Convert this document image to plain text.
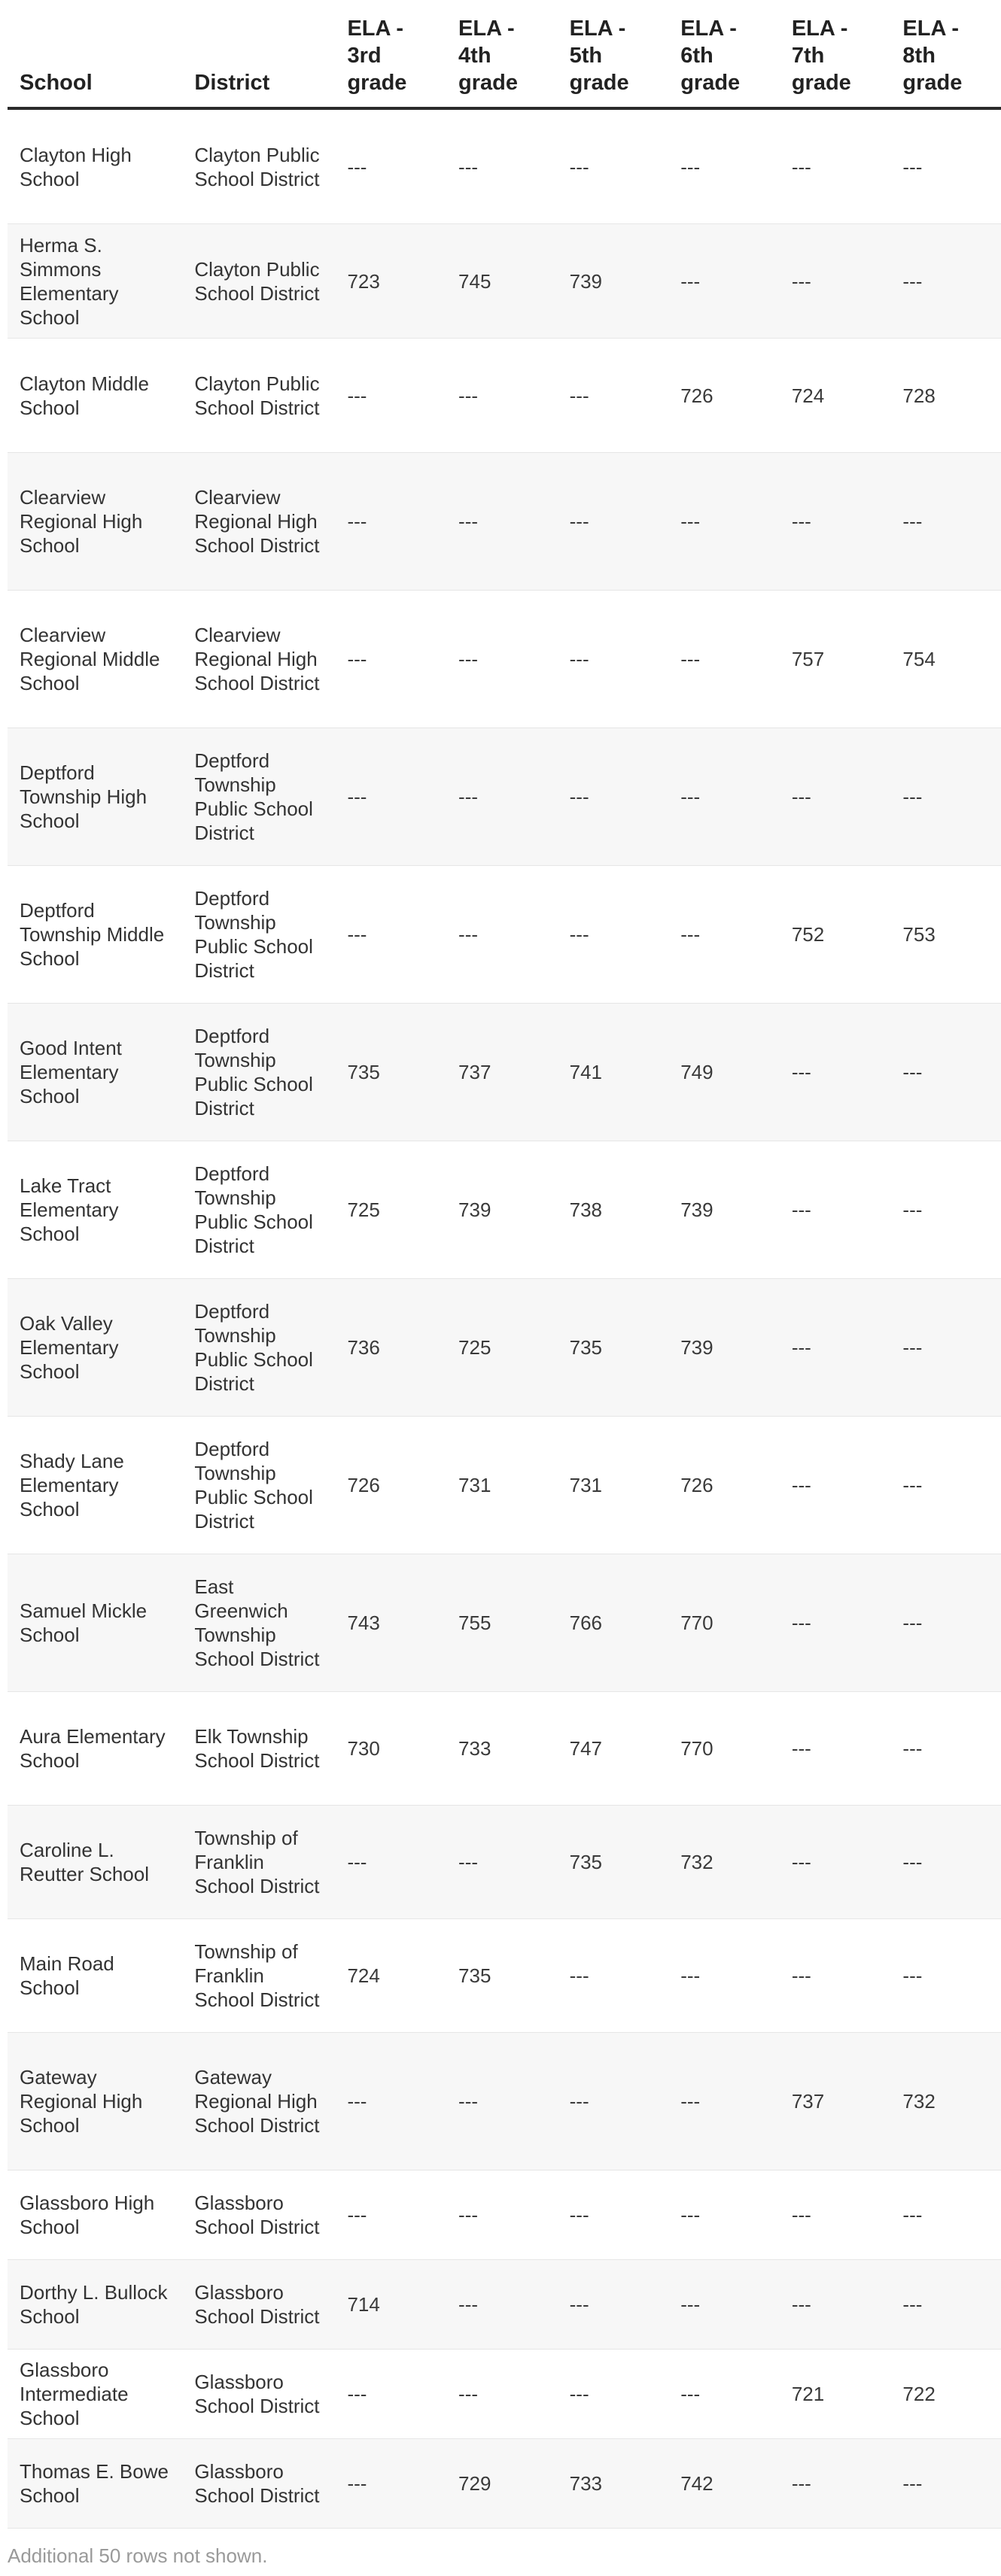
School	District	ELA - 3rd grade	ELA - 4th grade	ELA - 5th grade	ELA - 6th grade	ELA - 7th grade	ELA - 8th grade
Clayton High School	Clayton Public School District	---	---	---	---	---	---
Herma S. Simmons Elementary School	Clayton Public School District	723	745	739	---	---	---
Clayton Middle School	Clayton Public School District	---	---	---	726	724	728
Clearview Regional High School	Clearview Regional High School District	---	---	---	---	---	---
Clearview Regional Middle School	Clearview Regional High School District	---	---	---	---	757	754
Deptford Township High School	Deptford Township Public School District	---	---	---	---	---	---
Deptford Township Middle School	Deptford Township Public School District	---	---	---	---	752	753
Good Intent Elementary School	Deptford Township Public School District	735	737	741	749	---	---
Lake Tract Elementary School	Deptford Township Public School District	725	739	738	739	---	---
Oak Valley Elementary School	Deptford Township Public School District	736	725	735	739	---	---
Shady Lane Elementary School	Deptford Township Public School District	726	731	731	726	---	---
Samuel Mickle School	East Greenwich Township School District	743	755	766	770	---	---
Aura Elementary School	Elk Township School District	730	733	747	770	---	---
Caroline L. Reutter School	Township of Franklin School District	---	---	735	732	---	---
Main Road School	Township of Franklin School District	724	735	---	---	---	---
Gateway Regional High School	Gateway Regional High School District	---	---	---	---	737	732
Glassboro High School	Glassboro School District	---	---	---	---	---	---
Dorthy L. Bullock School	Glassboro School District	714	---	---	---	---	---
Glassboro Intermediate School	Glassboro School District	---	---	---	---	721	722
Thomas E. Bowe School	Glassboro School District	---	729	733	742	---	---
Additional 50 rows not shown.
